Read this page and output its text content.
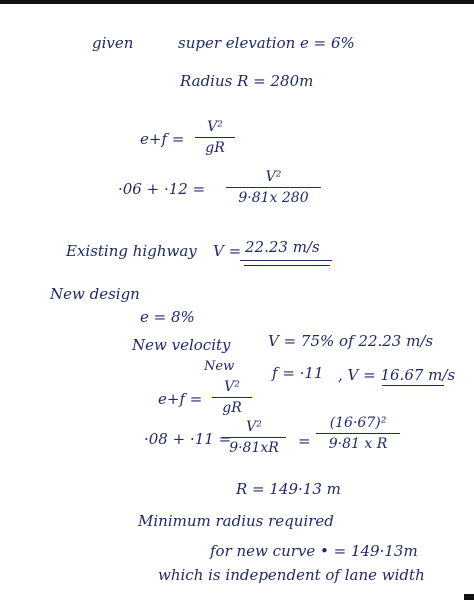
given	super elevation e = 6%
Radius R = 280m
e+f =
V²
gR
·06 + ·12 =
V²
9·81x 280
Existing highway V = 22.23 m/s
New design
e = 8%
New velocity	V = 75% of 22.23 m/s
New	f = ·11 , V = 16.67 m/s
e+f =
V²
gR
·08 + ·11 =
V²
9·81xR	=
(16·67)²
9·81 x R
R = 149·13 m
Minimum radius required
for new curve • = 149·13m
which is independent of lane width
